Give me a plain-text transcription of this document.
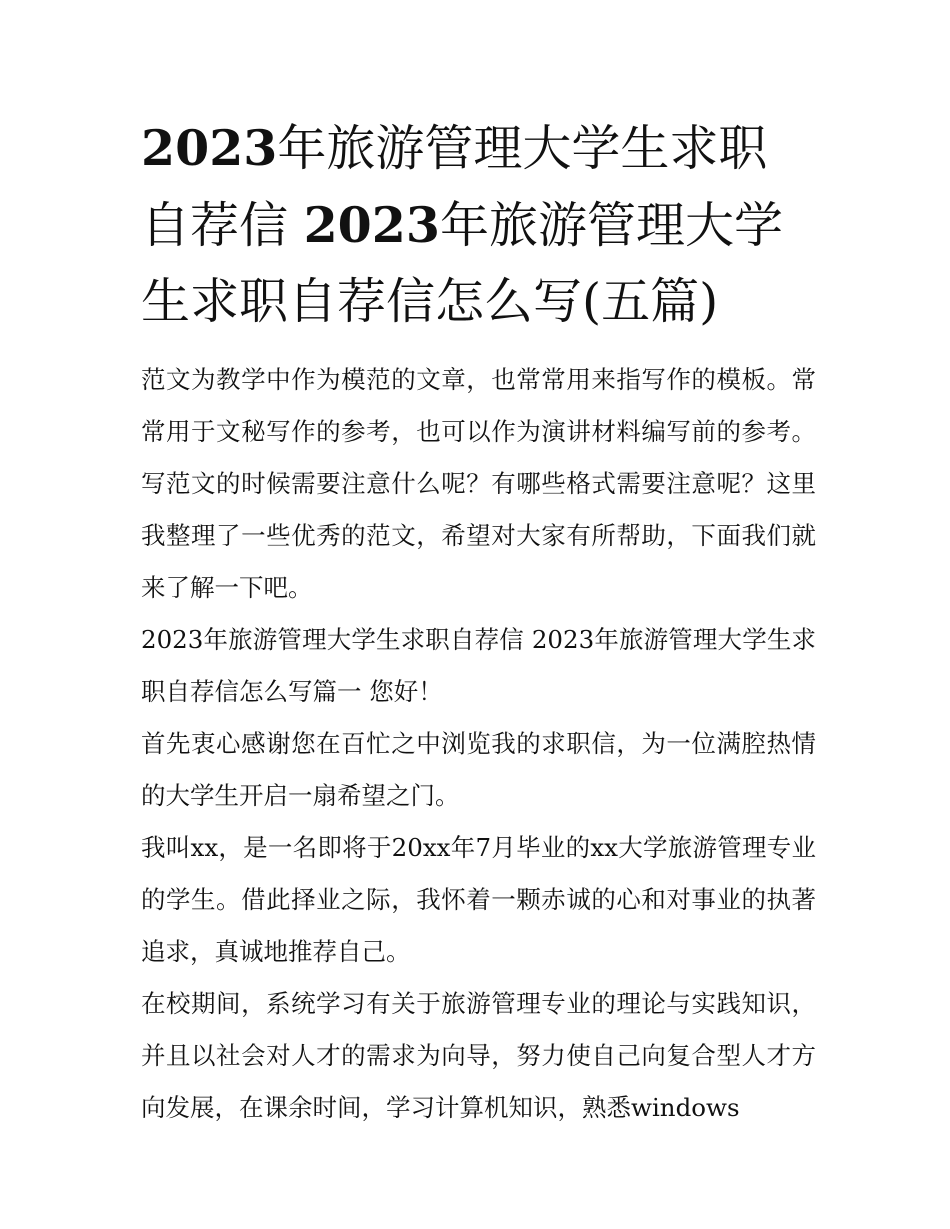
2023年旅游管理大学生求职自荐信 2023年旅游管理大学生求职自荐信怎么写(五篇)

范文为教学中作为模范的文章，也常常用来指写作的模板。常常用于文秘写作的参考，也可以作为演讲材料编写前的参考。写范文的时候需要注意什么呢？有哪些格式需要注意呢？这里我整理了一些优秀的范文，希望对大家有所帮助，下面我们就来了解一下吧。

2023年旅游管理大学生求职自荐信 2023年旅游管理大学生求职自荐信怎么写篇一 您好！

首先衷心感谢您在百忙之中浏览我的求职信，为一位满腔热情的大学生开启一扇希望之门。

我叫xx，是一名即将于20xx年7月毕业的xx大学旅游管理专业的学生。借此择业之际，我怀着一颗赤诚的心和对事业的执著追求，真诚地推荐自己。

在校期间，系统学习有关于旅游管理专业的理论与实践知识，并且以社会对人才的需求为向导，努力使自己向复合型人才方向发展，在课余时间，学习计算机知识，熟悉windows
